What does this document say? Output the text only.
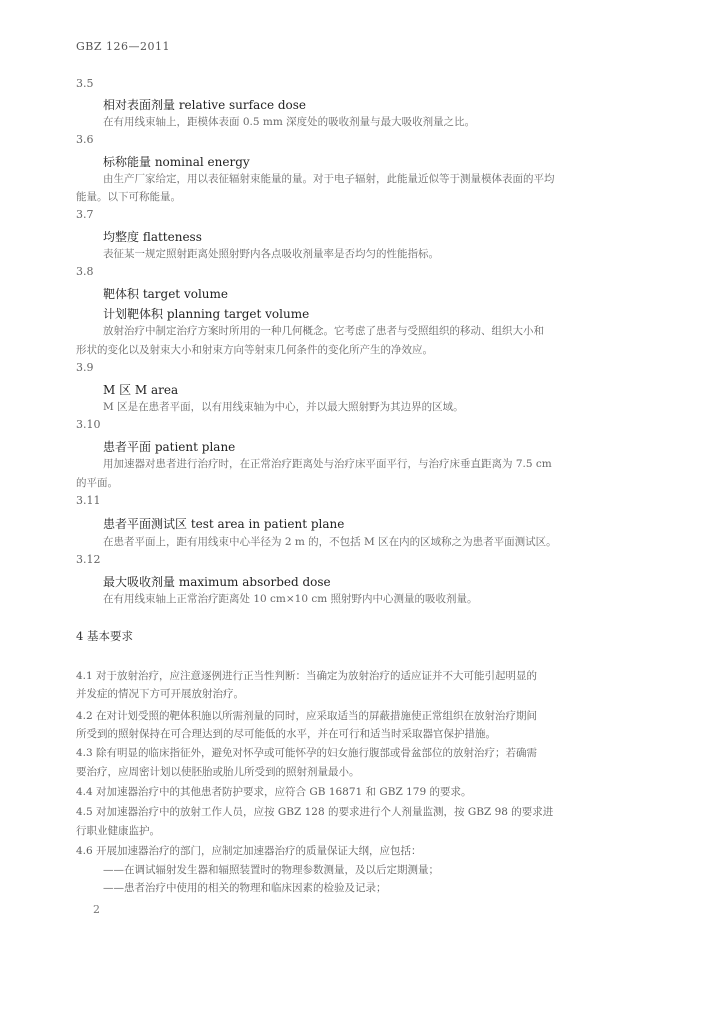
GBZ 126—2011
3.5
相对表面剂量 relative surface dose
在有用线束轴上，距模体表面 0.5 mm 深度处的吸收剂量与最大吸收剂量之比。
3.6
标称能量 nominal energy
由生产厂家给定，用以表征辐射束能量的量。对于电子辐射，此能量近似等于测量模体表面的平均
能量。以下可称能量。
3.7
均整度 flatteness
表征某一规定照射距离处照射野内各点吸收剂量率是否均匀的性能指标。
3.8
靶体积 target volume
计划靶体积 planning target volume
放射治疗中制定治疗方案时所用的一种几何概念。它考虑了患者与受照组织的移动、组织大小和
形状的变化以及射束大小和射束方向等射束几何条件的变化所产生的净效应。
3.9
M 区 M area
M 区是在患者平面，以有用线束轴为中心，并以最大照射野为其边界的区域。
3.10
患者平面 patient plane
用加速器对患者进行治疗时，在正常治疗距离处与治疗床平面平行，与治疗床垂直距离为 7.5 cm
的平面。
3.11
患者平面测试区 test area in patient plane
在患者平面上，距有用线束中心半径为 2 m 的，不包括 M 区在内的区域称之为患者平面测试区。
3.12
最大吸收剂量 maximum absorbed dose
在有用线束轴上正常治疗距离处 10 cm×10 cm 照射野内中心测量的吸收剂量。
4 基本要求
4.1 对于放射治疗，应注意逐例进行正当性判断：当确定为放射治疗的适应证并不大可能引起明显的
并发症的情况下方可开展放射治疗。
4.2 在对计划受照的靶体积施以所需剂量的同时，应采取适当的屏蔽措施使正常组织在放射治疗期间
所受到的照射保持在可合理达到的尽可能低的水平，并在可行和适当时采取器官保护措施。
4.3 除有明显的临床指征外，避免对怀孕或可能怀孕的妇女施行腹部或骨盆部位的放射治疗；若确需
要治疗，应周密计划以使胚胎或胎儿所受到的照射剂量最小。
4.4 对加速器治疗中的其他患者防护要求，应符合 GB 16871 和 GBZ 179 的要求。
4.5 对加速器治疗中的放射工作人员，应按 GBZ 128 的要求进行个人剂量监测，按 GBZ 98 的要求进
行职业健康监护。
4.6 开展加速器治疗的部门，应制定加速器治疗的质量保证大纲，应包括：
——在调试辐射发生器和辐照装置时的物理参数测量，及以后定期测量；
——患者治疗中使用的相关的物理和临床因素的检验及记录；
2
